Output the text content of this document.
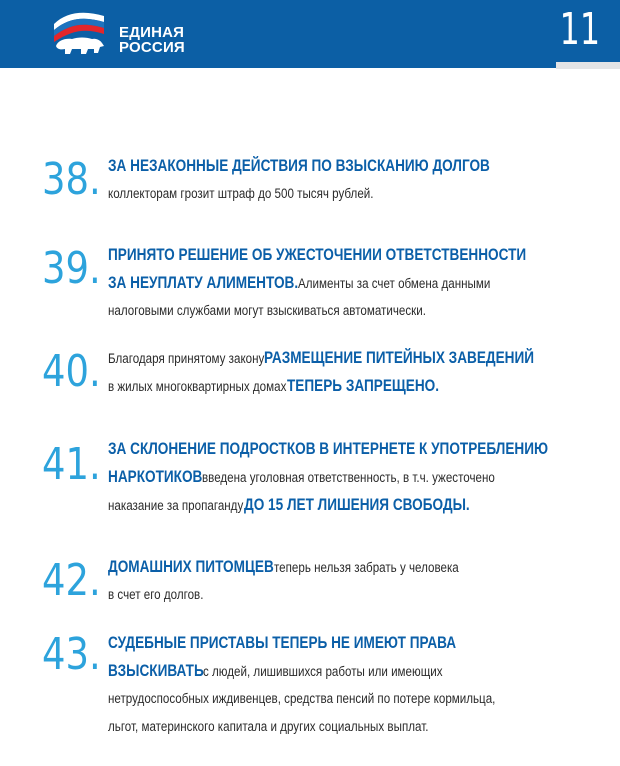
ЕДИНАЯ
РОССИЯ	11
38. ЗА НЕЗАКОННЫЕ ДЕЙСТВИЯ ПО ВЗЫСКАНИЮ ДОЛГОВ
коллекторам грозит штраф до 500 тысяч рублей.
39. ПРИНЯТО РЕШЕНИЕ ОБ УЖЕСТОЧЕНИИ ОТВЕТСТВЕННОСТИ
ЗА НЕУПЛАТУ АЛИМЕНТОВ.Алименты за счет обмена данными
налоговыми службами могут взыскиваться автоматически.
40. Благодаря принятому законуРАЗМЕЩЕНИЕ ПИТЕЙНЫХ ЗАВЕДЕНИЙ
в жилых многоквартирных домахТЕПЕРЬ ЗАПРЕЩЕНО.
41. ЗА СКЛОНЕНИЕ ПОДРОСТКОВ В ИНТЕРНЕТЕ К УПОТРЕБЛЕНИЮ
НАРКОТИКОВвведена уголовная ответственность, в т.ч. ужесточено
наказание за пропагандуДО 15 ЛЕТ ЛИШЕНИЯ СВОБОДЫ.
42. ДОМАШНИХ ПИТОМЦЕВтеперь нельзя забрать у человека
в счет его долгов.
43. СУДЕБНЫЕ ПРИСТАВЫ ТЕПЕРЬ НЕ ИМЕЮТ ПРАВА
ВЗЫСКИВАТЬс людей, лишившихся работы или имеющих
нетрудоспособных иждивенцев, средства пенсий по потере кормильца,
льгот, материнского капитала и других социальных выплат.
